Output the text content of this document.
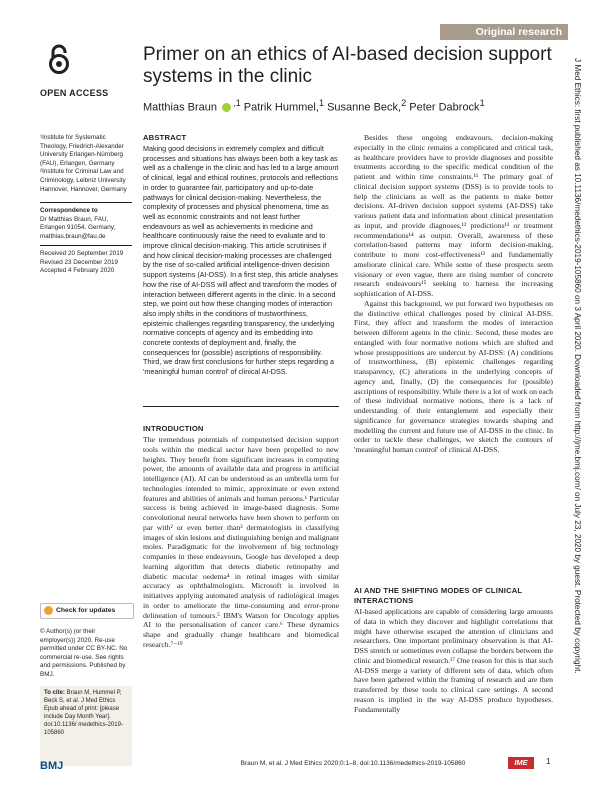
Original research
OPEN ACCESS
Primer on an ethics of AI-based decision support systems in the clinic
Matthias Braun $^{,1}$ Patrik Hummel,$^1$ Susanne Beck,$^2$ Peter Dabrock$^1$
¹Institute for Systematic Theology, Friedrich-Alexander University Erlangen-Nürnberg (FAU), Erlangen, Germany
²Institute for Criminal Law and Criminology, Leibniz University Hannover, Hannover, Germany
Correspondence to
Dr Matthias Braun, FAU, Erlangen 91054, Germany; matthias.braun@fau.de
Received 20 September 2019
Revised 23 December 2019
Accepted 4 February 2020
Check for updates
© Author(s) (or their employer(s)) 2020. Re-use permitted under CC BY-NC. No commercial re-use. See rights and permissions. Published by BMJ.
To cite: Braun M, Hummel P, Beck S, et al. J Med Ethics Epub ahead of print: [please include Day Month Year]. doi:10.1136/ medethics-2019-105860
ABSTRACT
Making good decisions in extremely complex and difficult processes and situations has always been both a key task as well as a challenge in the clinic and has led to a large amount of clinical, legal and ethical routines, protocols and reflections in order to guarantee fair, participatory and up-to-date pathways for clinical decision-making. Nevertheless, the complexity of processes and physical phenomena, time as well as economic constraints and not least further endeavours as well as achievements in medicine and healthcare continuously raise the need to evaluate and to improve clinical decision-making. This article scrutinises if and how clinical decision-making processes are challenged by the rise of so-called artificial intelligence-driven decision support systems (AI-DSS). In a first step, this article analyses how the rise of AI-DSS will affect and transform the modes of interaction between different agents in the clinic. In a second step, we point out how these changing modes of interaction also imply shifts in the conditions of trustworthiness, epistemic challenges regarding transparency, the underlying normative concepts of agency and its embedding into concrete contexts of deployment and, finally, the consequences for (possible) ascriptions of responsibility. Third, we draw first conclusions for further steps regarding a 'meaningful human control' of clinical AI-DSS.
INTRODUCTION

The tremendous potentials of computerised decision support tools within the medical sector have been propelled to new heights. They benefit from significant increases in computing power, the amounts of available data and progress in artificial intelligence (AI). AI can be understood as an umbrella term for technologies intended to mimic, approximate or even extend features and abilities of animals and human persons.¹ Particular success is being achieved in image-based diagnosis. Some convolutional neural networks have been shown to perform on par with² or even better than³ dermatologists in classifying images of skin lesions and distinguishing benign and malignant moles. Paradigmatic for the involvement of big technology companies in these endeavours, Google has developed a deep learning algorithm that detects diabetic retinopathy and diabetic macular oedema⁴ in retinal images with similar accuracy as ophthalmologists. Microsoft is involved in initiatives applying automated analysis of radiological images in order to ameliorate the time-consuming and error-prone delineation of tumours.⁵ IBM's Watson for Oncology applies AI to the personalisation of cancer care.⁶ These dynamics shape and gradually change healthcare and biomedical research.⁷⁻¹⁰

Besides these ongoing endeavours, decision-making especially in the clinic remains a complicated and critical task, as healthcare providers have to provide diagnoses and possible treatments according to the specific medical condition of the patient and within time constraints.¹¹ The primary goal of clinical decision support systems (DSS) is to provide tools to help the clinicians as well as the patients to make better decisions. AI-driven decision support systems (AI-DSS) take various patient data and information about clinical presentation as input, and provide diagnoses,¹² predictions¹³ or treatment recommendations¹⁴ as output. Overall, awareness of these correlation-based patterns may inform decision-making, contribute to more cost-effectiveness¹² and fundamentally ameliorate clinical care. While some of these prospects seem visionary or even vague, there are rising number of concrete research endeavours¹⁵ seeking to harness the increasing sophistication of AI-DSS.

Against this background, we put forward two hypotheses on the distinctive ethical challenges posed by clinical AI-DSS. First, they affect and transform the modes of interaction between different agents in the clinic. Second, these modes are entangled with four normative notions which are shifted and whose presuppositions are undercut by AI-DSS: (A) conditions of trustworthiness, (B) epistemic challenges regarding transparency, (C) alterations in the underlying concepts of agency and, finally, (D) the consequences for (possible) ascriptions of responsibility. While there is a lot of work on each of these individual normative notions, there is a lack of understanding of their entanglement and especially their significance for governance strategies towards shaping and modelling the current and future use of AI-DSS in the clinic. In order to tackle these challenges, we sketch the contours of 'meaningful human control' of clinical AI-DSS.

AI AND THE SHIFTING MODES OF CLINICAL INTERACTIONS

AI-based applications are capable of considering large amounts of data in which they discover and highlight correlations that might have otherwise escaped the attention of clinicians and researchers. One important preliminary observation is that AI-DSS stretch or sometimes even collapse the borders between the clinic and biomedical research.¹⁷ One reason for this is that such AI-DSS merge a variety of different sets of data, which often have been gathered within the framing of research and are then transferred by these tools to clinical care settings. A second reason is implied in the way AI-DSS produce hypotheses. Fundamentally

J Med Ethics: first published as 10.1136/medethics-2019-105860 on 3 April 2020. Downloaded from http://jme.bmj.com/ on July 23, 2020 by guest. Protected by copyright.
BMJ	Braun M, et al. J Med Ethics 2020;0:1–8. doi:10.1136/medethics-2019-105860	IME	1
